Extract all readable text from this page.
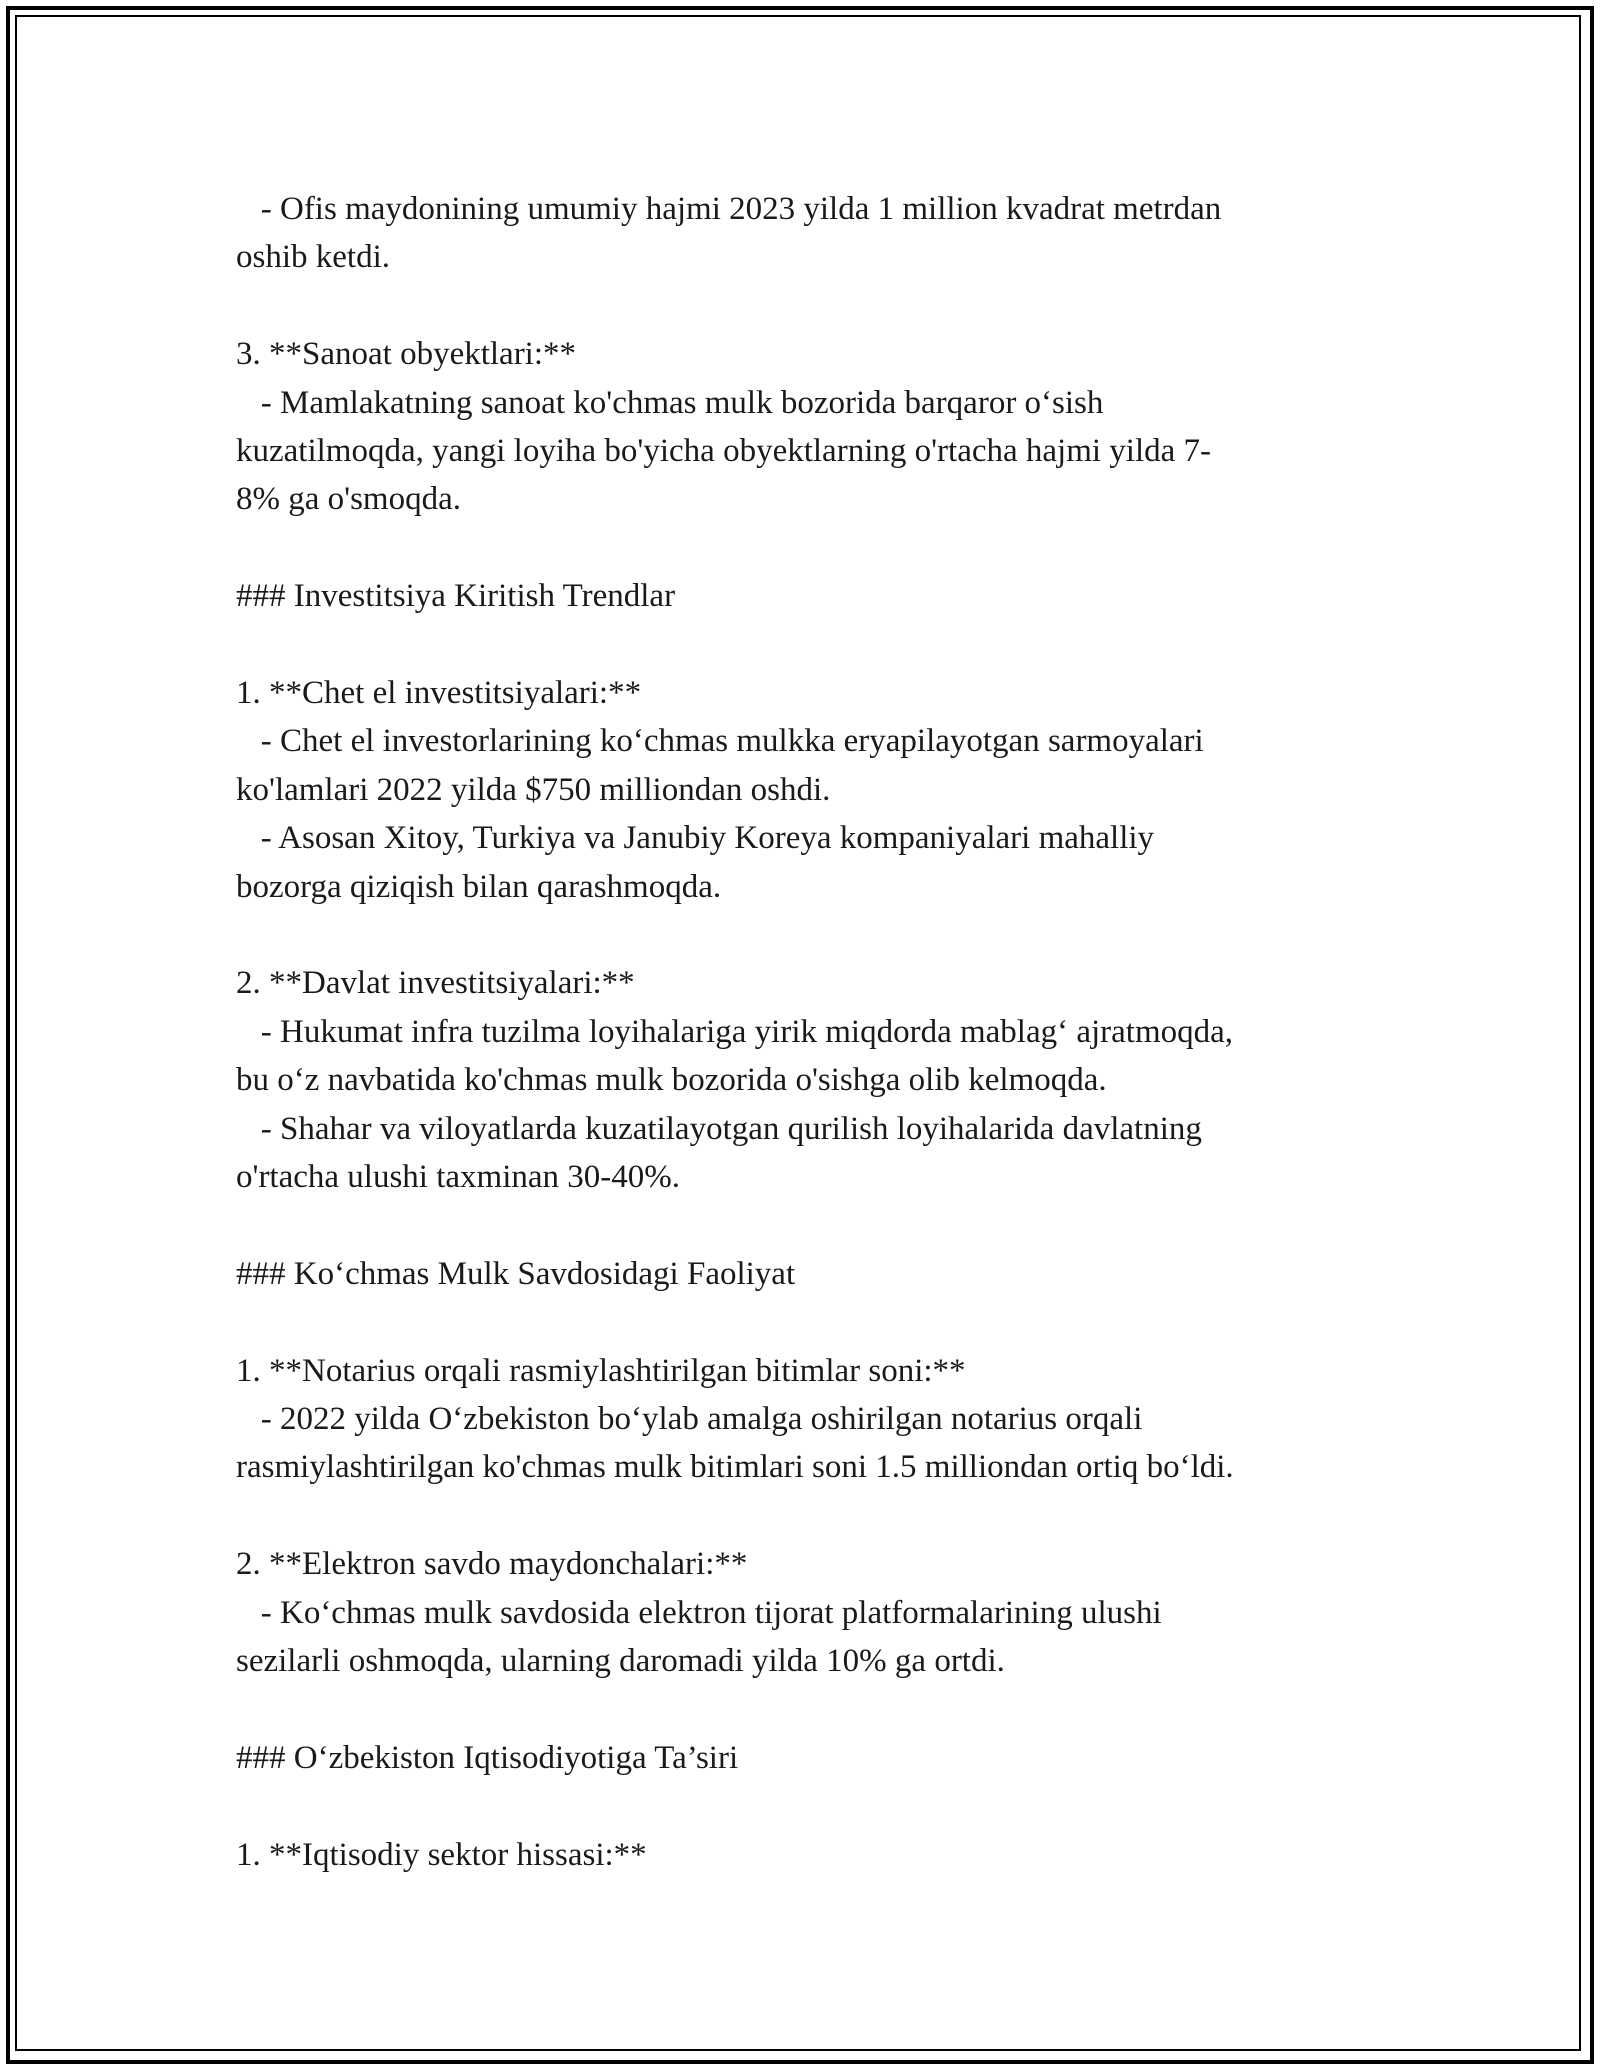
- Ofis maydonining umumiy hajmi 2023 yilda 1 million kvadrat metrdan

oshib ketdi.

3. **Sanoat obyektlari:**

- Mamlakatning sanoat ko'chmas mulk bozorida barqaror o‘sish

kuzatilmoqda, yangi loyiha bo'yicha obyektlarning o'rtacha hajmi yilda 7-

8% ga o'smoqda.

### Investitsiya Kiritish Trendlar

1. **Chet el investitsiyalari:**

- Chet el investorlarining ko‘chmas mulkka eryapilayotgan sarmoyalari

ko'lamlari 2022 yilda $750 milliondan oshdi.

- Asosan Xitoy, Turkiya va Janubiy Koreya kompaniyalari mahalliy

bozorga qiziqish bilan qarashmoqda.

2. **Davlat investitsiyalari:**

- Hukumat infra tuzilma loyihalariga yirik miqdorda mablag‘ ajratmoqda,

bu o‘z navbatida ko'chmas mulk bozorida o'sishga olib kelmoqda.

- Shahar va viloyatlarda kuzatilayotgan qurilish loyihalarida davlatning

o'rtacha ulushi taxminan 30-40%.

### Ko‘chmas Mulk Savdosidagi Faoliyat

1. **Notarius orqali rasmiylashtirilgan bitimlar soni:**

- 2022 yilda O‘zbekiston bo‘ylab amalga oshirilgan notarius orqali

rasmiylashtirilgan ko'chmas mulk bitimlari soni 1.5 milliondan ortiq bo‘ldi.

2. **Elektron savdo maydonchalari:**

- Ko‘chmas mulk savdosida elektron tijorat platformalarining ulushi

sezilarli oshmoqda, ularning daromadi yilda 10% ga ortdi.

### O‘zbekiston Iqtisodiyotiga Ta’siri

1. **Iqtisodiy sektor hissasi:**
